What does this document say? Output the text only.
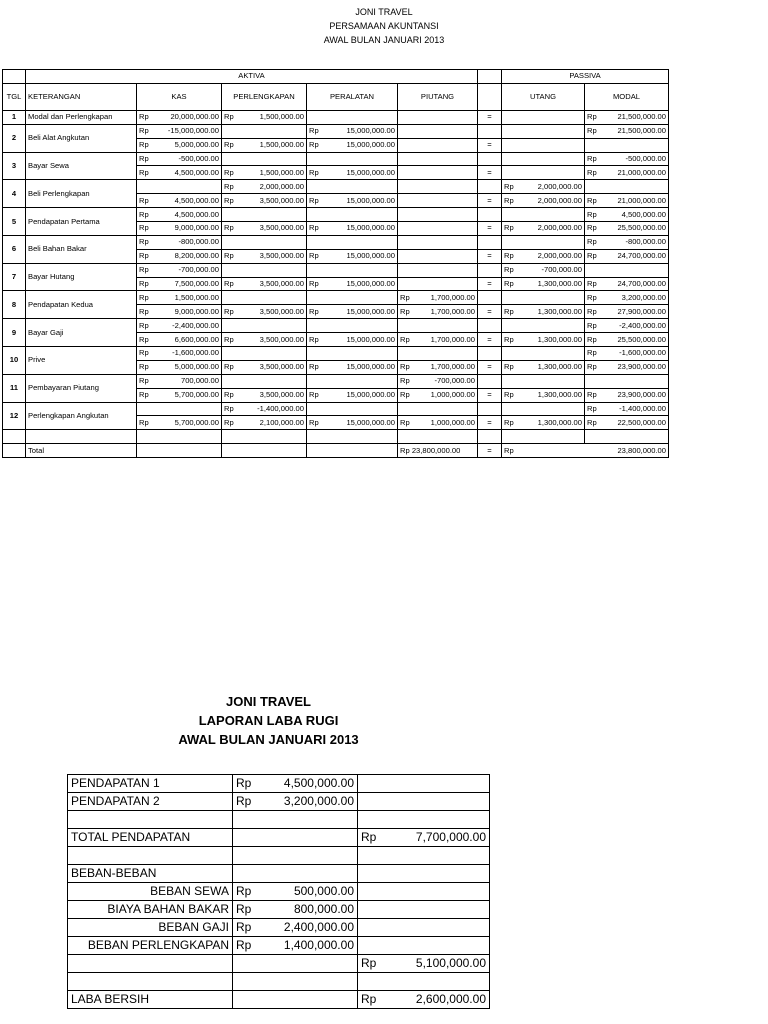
JONI TRAVEL
PERSAMAAN AKUNTANSI
AWAL BULAN JANUARI 2013
	AKTIVA						PASSIVA	
TGL	KETERANGAN	KAS	PERLENGKAPAN	PERALATAN	PIUTANG		UTANG	MODAL
1	Modal dan Perlengkapan	Rp 20,000,000.00	Rp 1,500,000.00			=		Rp 21,500,000.00

2	Beli Alat Angkutan	Rp -15,000,000.00		Rp 15,000,000.00				Rp 21,500,000.00

		Rp 5,000,000.00	Rp 1,500,000.00	Rp 15,000,000.00		=		
3	Bayar Sewa	Rp -500,000.00						Rp -500,000.00

		Rp 4,500,000.00	Rp 1,500,000.00	Rp 15,000,000.00		=		Rp 21,000,000.00

4	Beli Perlengkapan		Rp 2,000,000.00				Rp 2,000,000.00	

		Rp 4,500,000.00	Rp 3,500,000.00	Rp 15,000,000.00		=	Rp 2,000,000.00	Rp 21,000,000.00

5	Pendapatan Pertama	Rp 4,500,000.00						Rp 4,500,000.00

		Rp 9,000,000.00	Rp 3,500,000.00	Rp 15,000,000.00		=	Rp 2,000,000.00	Rp 25,500,000.00

6	Beli Bahan Bakar	Rp -800,000.00						Rp -800,000.00

		Rp 8,200,000.00	Rp 3,500,000.00	Rp 15,000,000.00		=	Rp 2,000,000.00	Rp 24,700,000.00

7	Bayar Hutang	Rp -700,000.00					Rp -700,000.00	

		Rp 7,500,000.00	Rp 3,500,000.00	Rp 15,000,000.00		=	Rp 1,300,000.00	Rp 24,700,000.00

8	Pendapatan Kedua	Rp 1,500,000.00			Rp 1,700,000.00			Rp 3,200,000.00

		Rp 9,000,000.00	Rp 3,500,000.00	Rp 15,000,000.00	Rp 1,700,000.00	=	Rp 1,300,000.00	Rp 27,900,000.00

9	Bayar Gaji	Rp -2,400,000.00						Rp -2,400,000.00

		Rp 6,600,000.00	Rp 3,500,000.00	Rp 15,000,000.00	Rp 1,700,000.00	=	Rp 1,300,000.00	Rp 25,500,000.00

10	Prive	Rp -1,600,000.00						Rp -1,600,000.00

		Rp 5,000,000.00	Rp 3,500,000.00	Rp 15,000,000.00	Rp 1,700,000.00	=	Rp 1,300,000.00	Rp 23,900,000.00

11	Pembayaran Piutang	Rp 700,000.00			Rp -700,000.00			

		Rp 5,700,000.00	Rp 3,500,000.00	Rp 15,000,000.00	Rp 1,000,000.00	=	Rp 1,300,000.00	Rp 23,900,000.00

12	Perlengkapan Angkutan		Rp -1,400,000.00					Rp -1,400,000.00

		Rp 5,700,000.00	Rp 2,100,000.00	Rp 15,000,000.00	Rp 1,000,000.00	=	Rp 1,300,000.00	Rp 22,500,000.00

	Total				Rp 23,800,000.00	=	Rp 23,800,000.00	
JONI TRAVEL
LAPORAN LABA RUGI
AWAL BULAN JANUARI 2013
PENDAPATAN 1	Rp 4,500,000.00	

PENDAPATAN 2	Rp 3,200,000.00	

TOTAL PENDAPATAN		Rp 7,700,000.00

BEBAN-BEBAN		
BEBAN SEWA	Rp 500,000.00	

BIAYA BAHAN BAKAR	Rp 800,000.00	

BEBAN GAJI	Rp 2,400,000.00	

BEBAN PERLENGKAPAN	Rp 1,400,000.00	

		Rp 5,100,000.00

LABA BERSIH		Rp 2,600,000.00
